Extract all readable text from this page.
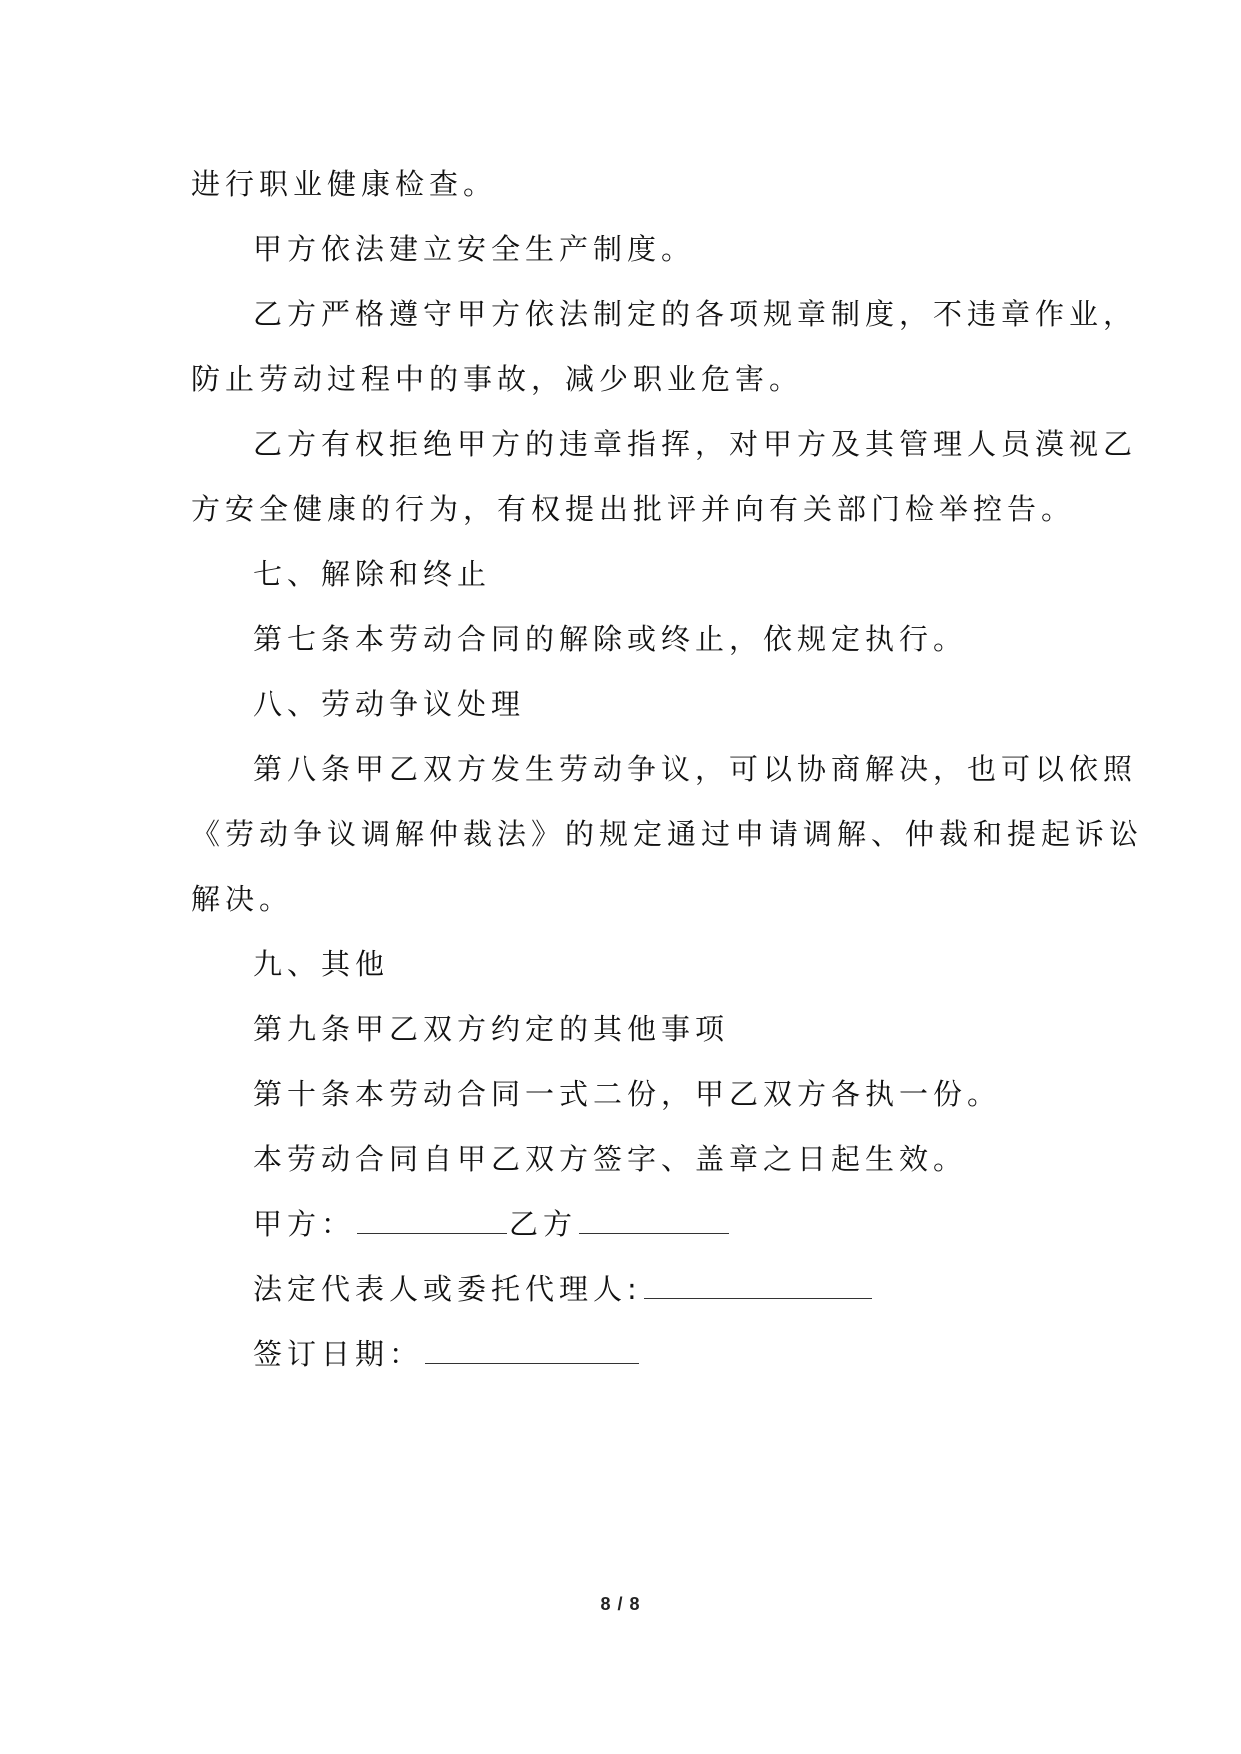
进行职业健康检查。
甲方依法建立安全生产制度。
乙方严格遵守甲方依法制定的各项规章制度，不违章作业，
防止劳动过程中的事故，减少职业危害。
乙方有权拒绝甲方的违章指挥，对甲方及其管理人员漠视乙
方安全健康的行为，有权提出批评并向有关部门检举控告。
七、解除和终止
第七条本劳动合同的解除或终止，依规定执行。
八、劳动争议处理
第八条甲乙双方发生劳动争议，可以协商解决，也可以依照
《劳动争议调解仲裁法》的规定通过申请调解、仲裁和提起诉讼
解决。
九、其他
第九条甲乙双方约定的其他事项
第十条本劳动合同一式二份，甲乙双方各执一份。
本劳动合同自甲乙双方签字、盖章之日起生效。
甲方：	乙方
法定代表人或委托代理人:
签订日期：
8 / 8
